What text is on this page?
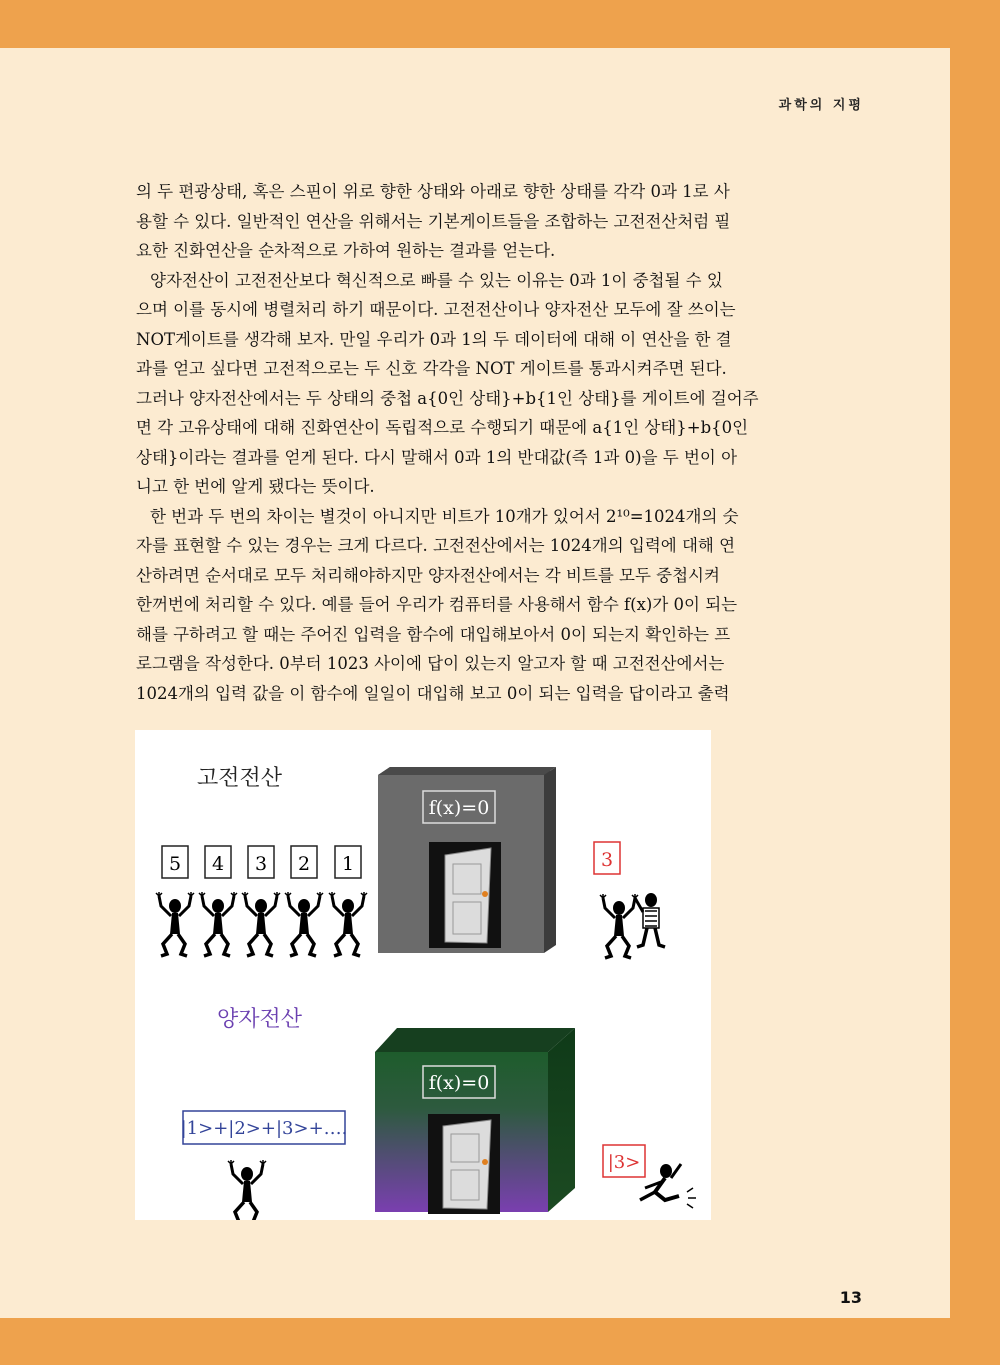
과학의 지평
의 두 편광상태, 혹은 스핀이 위로 향한 상태와 아래로 향한 상태를 각각 0과 1로 사
용할 수 있다. 일반적인 연산을 위해서는 기본게이트들을 조합하는 고전전산처럼 필
요한 진화연산을 순차적으로 가하여 원하는 결과를 얻는다.
양자전산이 고전전산보다 혁신적으로 빠를 수 있는 이유는 0과 1이 중첩될 수 있
으며 이를 동시에 병렬처리 하기 때문이다. 고전전산이나 양자전산 모두에 잘 쓰이는
NOT게이트를 생각해 보자. 만일 우리가 0과 1의 두 데이터에 대해 이 연산을 한 결
과를 얻고 싶다면 고전적으로는 두 신호 각각을 NOT 게이트를 통과시켜주면 된다.
그러나 양자전산에서는 두 상태의 중첩 a{0인 상태}+b{1인 상태}를 게이트에 걸어주
면 각 고유상태에 대해 진화연산이 독립적으로 수행되기 때문에 a{1인 상태}+b{0인
상태}이라는 결과를 얻게 된다. 다시 말해서 0과 1의 반대값(즉 1과 0)을 두 번이 아
니고 한 번에 알게 됐다는 뜻이다.
한 번과 두 번의 차이는 별것이 아니지만 비트가 10개가 있어서 2¹⁰=1024개의 숫
자를 표현할 수 있는 경우는 크게 다르다. 고전전산에서는 1024개의 입력에 대해 연
산하려면 순서대로 모두 처리해야하지만 양자전산에서는 각 비트를 모두 중첩시켜
한꺼번에 처리할 수 있다. 예를 들어 우리가 컴퓨터를 사용해서 함수 f(x)가 0이 되는
해를 구하려고 할 때는 주어진 입력을 함수에 대입해보아서 0이 되는지 확인하는 프
로그램을 작성한다. 0부터 1023 사이에 답이 있는지 알고자 할 때 고전전산에서는
1024개의 입력 값을 이 함수에 일일이 대입해 보고 0이 되는 입력을 답이라고 출력
고전전산
f(x)=0
5 4 3 2 1	3
양자전산
f(x)=0
|1>+|2>+|3>+….
|3>
13
